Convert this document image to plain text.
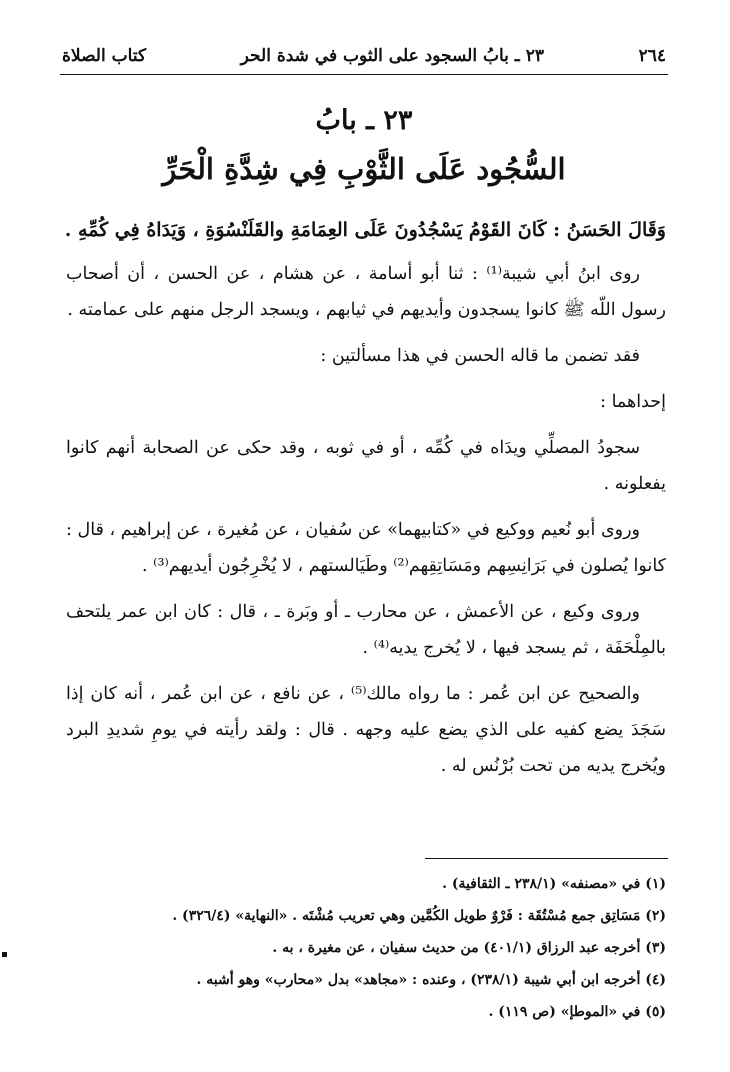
٢٦٤
٢٣ ـ بابُ السجود على الثوب في شدة الحر
كتاب الصلاة
٢٣ ـ بابُ
السُّجُود عَلَى الثَّوْبِ فِي شِدَّةِ الْحَرِّ

وَقَالَ الحَسَنُ : كَانَ القَوْمُ يَسْجُدُونَ عَلَى العِمَامَةِ والقَلَنْسُوَةِ ، وَيَدَاهُ فِي كُمِّهِ .

روى ابنُ أبي شيبة⁽¹⁾ : ثنا أبو أسامة ، عن هشام ، عن الحسن ، أن أصحاب رسول اللّه ﷺ كانوا يسجدون وأيديهم في ثيابهم ، ويسجد الرجل منهم على عمامته .

فقد تضمن ما قاله الحسن في هذا مسألتين :

إحداهما :

سجودُ المصلِّي ويدَاه في كُمِّه ، أو في ثوبه ، وقد حكى عن الصحابة أنهم كانوا يفعلونه .

وروى أبو نُعيم ووكيع في «كتابيهما» عن سُفيان ، عن مُغيرة ، عن إبراهيم ، قال : كانوا يُصلون في بَرَانِسِهم ومَسَاتِقِهم⁽²⁾ وطَيَالستهم ، لا يُخْرِجُون أيديهم⁽³⁾ .

وروى وكيع ، عن الأعمش ، عن محارب ـ أو وبَرة ـ ، قال : كان ابن عمر يلتحف بالمِلْحَفَة ، ثم يسجد فيها ، لا يُخرج يديه⁽⁴⁾ .

والصحيح عن ابن عُمر : ما رواه مالك⁽⁵⁾ ، عن نافع ، عن ابن عُمر ، أنه كان إذا سَجَدَ يضع كفيه على الذي يضع عليه وجهه . قال : ولقد رأيته في يومِ شديدِ البرد ويُخرج يديه من تحت بُرْنُس له .

(١) في «مصنفه» (٢٣٨/١ ـ الثقافية) .
(٢) مَسَاتِق جمع مُسْتُقَة : فَرْوٌ طويل الكُمَّين وهي تعريب مُشْتَه . «النهاية» (٣٢٦/٤) .
(٣) أخرجه عبد الرزاق (٤٠١/١) من حديث سفيان ، عن مغيرة ، به .
(٤) أخرجه ابن أبي شيبة (٢٣٨/١) ، وعنده : «مجاهد» بدل «محارب» وهو أشبه .
(٥) في «الموطإ» (ص ١١٩) .
